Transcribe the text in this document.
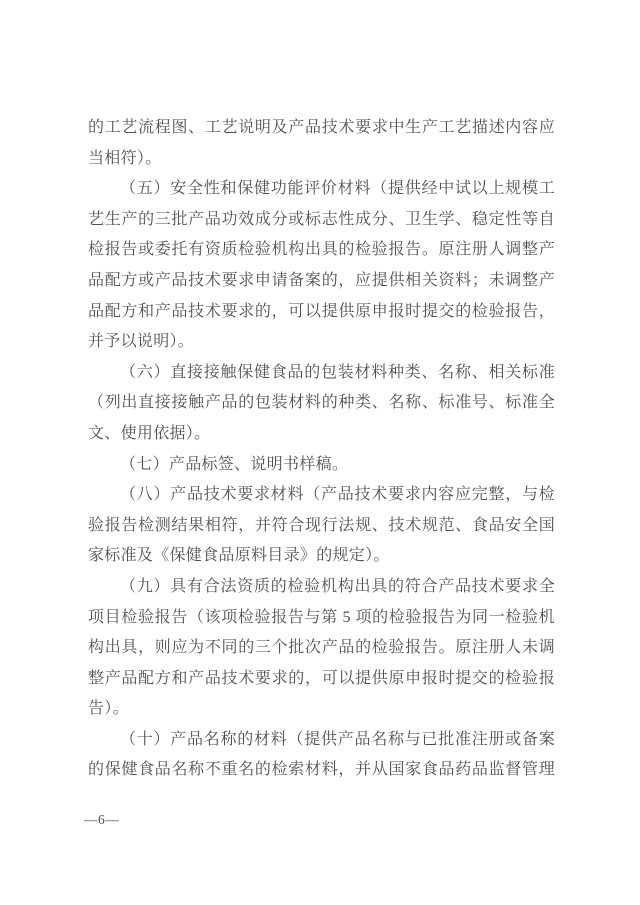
的工艺流程图、工艺说明及产品技术要求中生产工艺描述内容应
当相符）。
（五）安全性和保健功能评价材料（提供经中试以上规模工
艺生产的三批产品功效成分或标志性成分、卫生学、稳定性等自
检报告或委托有资质检验机构出具的检验报告。原注册人调整产
品配方或产品技术要求申请备案的，应提供相关资料；未调整产
品配方和产品技术要求的，可以提供原申报时提交的检验报告，
并予以说明）。
（六）直接接触保健食品的包装材料种类、名称、相关标准
（列出直接接触产品的包装材料的种类、名称、标准号、标准全
文、使用依据）。
（七）产品标签、说明书样稿。
（八）产品技术要求材料（产品技术要求内容应完整，与检
验报告检测结果相符，并符合现行法规、技术规范、食品安全国
家标准及《保健食品原料目录》的规定）。
（九）具有合法资质的检验机构出具的符合产品技术要求全
项目检验报告（该项检验报告与第 5 项的检验报告为同一检验机
构出具，则应为不同的三个批次产品的检验报告。原注册人未调
整产品配方和产品技术要求的，可以提供原申报时提交的检验报
告）。
（十）产品名称的材料（提供产品名称与已批准注册或备案
的保健食品名称不重名的检索材料，并从国家食品药品监督管理
—6—
